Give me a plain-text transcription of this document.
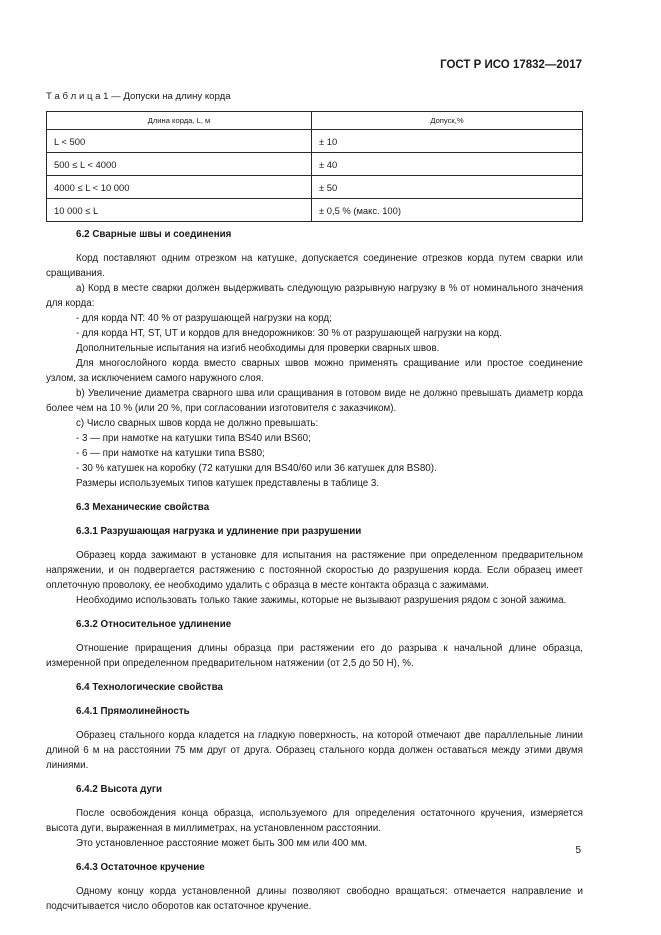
ГОСТ Р ИСО 17832—2017
Т а б л и ц а 1 — Допуски на длину корда
Длина корда, L, м	Допуск,%
L < 500	± 10
500 ≤ L < 4000	± 40
4000 ≤ L < 10 000	± 50
10 000 ≤ L	± 0,5 % (макс. 100)

6.2 Сварные швы и соединения

Корд поставляют одним отрезком на катушке, допускается соединение отрезков корда путем сварки или сращивания.

а) Корд в месте сварки должен выдерживать следующую разрывную нагрузку в % от номинального значения для корда:

- для корда NT: 40 % от разрушающей нагрузки на корд;

- для корда HT, ST, UT и кордов для внедорожников: 30 % от разрушающей нагрузки на корд.

Дополнительные испытания на изгиб необходимы для проверки сварных швов.

Для многослойного корда вместо сварных швов можно применять сращивание или простое соединение узлом, за исключением самого наружного слоя.

b) Увеличение диаметра сварного шва или сращивания в готовом виде не должно превышать диаметр корда более чем на 10 % (или 20 %, при согласовании изготовителя с заказчиком).

с) Число сварных швов корда не должно превышать:

- 3 — при намотке на катушки типа BS40 или BS60;

- 6 — при намотке на катушки типа BS80;

- 30 % катушек на коробку (72 катушки для BS40/60 или 36 катушек для BS80).

Размеры используемых типов катушек представлены в таблице 3.

6.3 Механические свойства

6.3.1 Разрушающая нагрузка и удлинение при разрушении

Образец корда зажимают в установке для испытания на растяжение при определенном предварительном напряжении, и он подвергается растяжению с постоянной скоростью до разрушения корда. Если образец имеет оплеточную проволоку, ее необходимо удалить с образца в месте контакта образца с зажимами.

Необходимо использовать только такие зажимы, которые не вызывают разрушения рядом с зоной зажима.

6.3.2 Относительное удлинение

Отношение приращения длины образца при растяжении его до разрыва к начальной длине образца, измеренной при определенном предварительном натяжении (от 2,5 до 50 Н), %.

6.4 Технологические свойства

6.4.1 Прямолинейность

Образец стального корда кладется на гладкую поверхность, на которой отмечают две параллельные линии длиной 6 м на расстоянии 75 мм друг от друга. Образец стального корда должен оставаться между этими двумя линиями.

6.4.2 Высота дуги

После освобождения конца образца, используемого для определения остаточного кручения, измеряется высота дуги, выраженная в миллиметрах, на установленном расстоянии.

Это установленное расстояние может быть 300 мм или 400 мм.

6.4.3 Остаточное кручение

Одному концу корда установленной длины позволяют свободно вращаться: отмечается направление и подсчитывается число оборотов как остаточное кручение.

5
